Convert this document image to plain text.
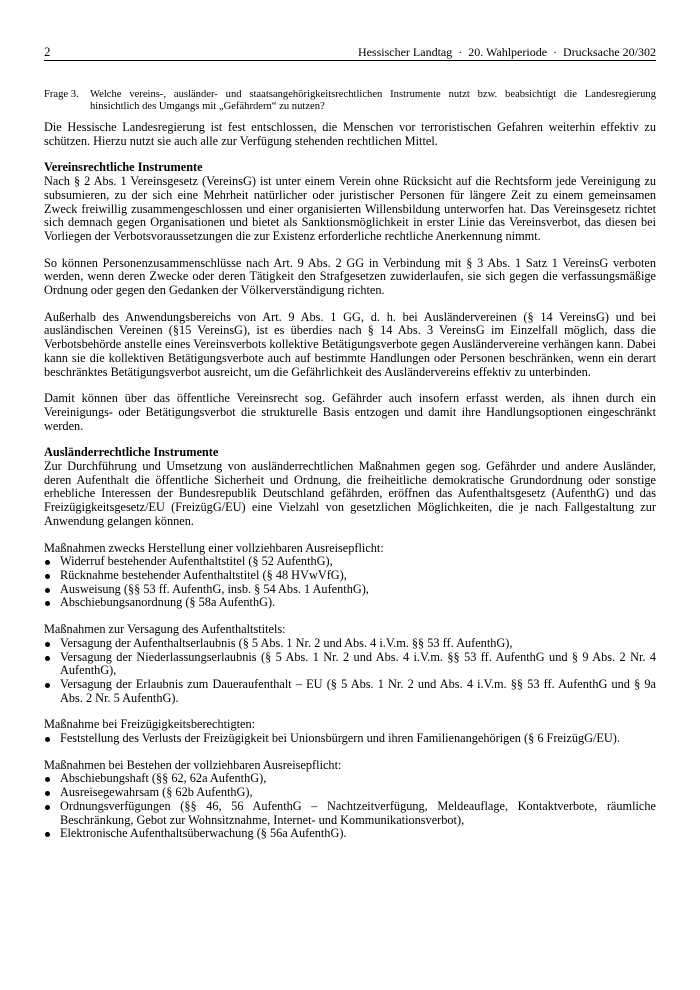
2	Hessischer Landtag  ·  20. Wahlperiode  ·  Drucksache 20/302
Frage 3. Welche vereins-, ausländer- und staatsangehörigkeitsrechtlichen Instrumente nutzt bzw. beabsichtigt die Landesregierung hinsichtlich des Umgangs mit „Gefährdern“ zu nutzen?

Die Hessische Landesregierung ist fest entschlossen, die Menschen vor terroristischen Gefahren weiterhin effektiv zu schützen. Hierzu nutzt sie auch alle zur Verfügung stehenden rechtlichen Mittel.

Vereinsrechtliche Instrumente

Nach § 2 Abs. 1 Vereinsgesetz (VereinsG) ist unter einem Verein ohne Rücksicht auf die Rechtsform jede Vereinigung zu subsumieren, zu der sich eine Mehrheit natürlicher oder juristischer Personen für längere Zeit zu einem gemeinsamen Zweck freiwillig zusammengeschlossen und einer organisierten Willensbildung unterworfen hat. Das Vereinsgesetz richtet sich demnach gegen Organisationen und bietet als Sanktionsmöglichkeit in erster Linie das Vereinsverbot, das diesen bei Vorliegen der Verbotsvoraussetzungen die zur Existenz erforderliche rechtliche Anerkennung nimmt.

So können Personenzusammenschlüsse nach Art. 9 Abs. 2 GG in Verbindung mit § 3 Abs. 1 Satz 1 VereinsG verboten werden, wenn deren Zwecke oder deren Tätigkeit den Strafgesetzen zuwiderlaufen, sie sich gegen die verfassungsmäßige Ordnung oder gegen den Gedanken der Völkerverständigung richten.

Außerhalb des Anwendungsbereichs von Art. 9 Abs. 1 GG, d. h. bei Ausländervereinen (§ 14 VereinsG) und bei ausländischen Vereinen (§15 VereinsG), ist es überdies nach § 14 Abs. 3 VereinsG im Einzelfall möglich, dass die Verbotsbehörde anstelle eines Vereinsverbots kollektive Betätigungsverbote gegen Ausländervereine verhängen kann. Dabei kann sie die kollektiven Betätigungsverbote auch auf bestimmte Handlungen oder Personen beschränken, wenn ein derart beschränktes Betätigungsverbot ausreicht, um die Gefährlichkeit des Ausländervereins effektiv zu unterbinden.

Damit können über das öffentliche Vereinsrecht sog. Gefährder auch insofern erfasst werden, als ihnen durch ein Vereinigungs- oder Betätigungsverbot die strukturelle Basis entzogen und damit ihre Handlungsoptionen eingeschränkt werden.

Ausländerrechtliche Instrumente

Zur Durchführung und Umsetzung von ausländerrechtlichen Maßnahmen gegen sog. Gefährder und andere Ausländer, deren Aufenthalt die öffentliche Sicherheit und Ordnung, die freiheitliche demokratische Grundordnung oder sonstige erhebliche Interessen der Bundesrepublik Deutschland gefährden, eröffnen das Aufenthaltsgesetz (AufenthG) und das Freizügigkeitsgesetz/EU (FreizügG/EU) eine Vielzahl von gesetzlichen Möglichkeiten, die je nach Fallgestaltung zur Anwendung gelangen können.

Maßnahmen zwecks Herstellung einer vollziehbaren Ausreisepflicht:

Widerruf bestehender Aufenthaltstitel (§ 52 AufenthG),
Rücknahme bestehender Aufenthaltstitel (§ 48 HVwVfG),
Ausweisung (§§ 53 ff. AufenthG, insb. § 54 Abs. 1 AufenthG),
Abschiebungsanordnung (§ 58a AufenthG).

Maßnahmen zur Versagung des Aufenthaltstitels:

Versagung der Aufenthaltserlaubnis (§ 5 Abs. 1 Nr. 2 und Abs. 4 i.V.m. §§ 53 ff. AufenthG),
Versagung der Niederlassungserlaubnis (§ 5 Abs. 1 Nr. 2 und Abs. 4 i.V.m. §§ 53 ff. AufenthG und § 9 Abs. 2 Nr. 4 AufenthG),
Versagung der Erlaubnis zum Daueraufenthalt – EU (§ 5 Abs. 1 Nr. 2 und Abs. 4 i.V.m. §§ 53 ff. AufenthG und § 9a Abs. 2 Nr. 5 AufenthG).

Maßnahme bei Freizügigkeitsberechtigten:

Feststellung des Verlusts der Freizügigkeit bei Unionsbürgern und ihren Familienangehörigen (§ 6 FreizügG/EU).

Maßnahmen bei Bestehen der vollziehbaren Ausreisepflicht:

Abschiebungshaft (§§ 62, 62a AufenthG),
Ausreisegewahrsam (§ 62b AufenthG),
Ordnungsverfügungen (§§ 46, 56 AufenthG – Nachtzeitverfügung, Meldeauflage, Kontaktverbote, räumliche Beschränkung, Gebot zur Wohnsitznahme, Internet- und Kommunikationsverbot),
Elektronische Aufenthaltsüberwachung (§ 56a AufenthG).
